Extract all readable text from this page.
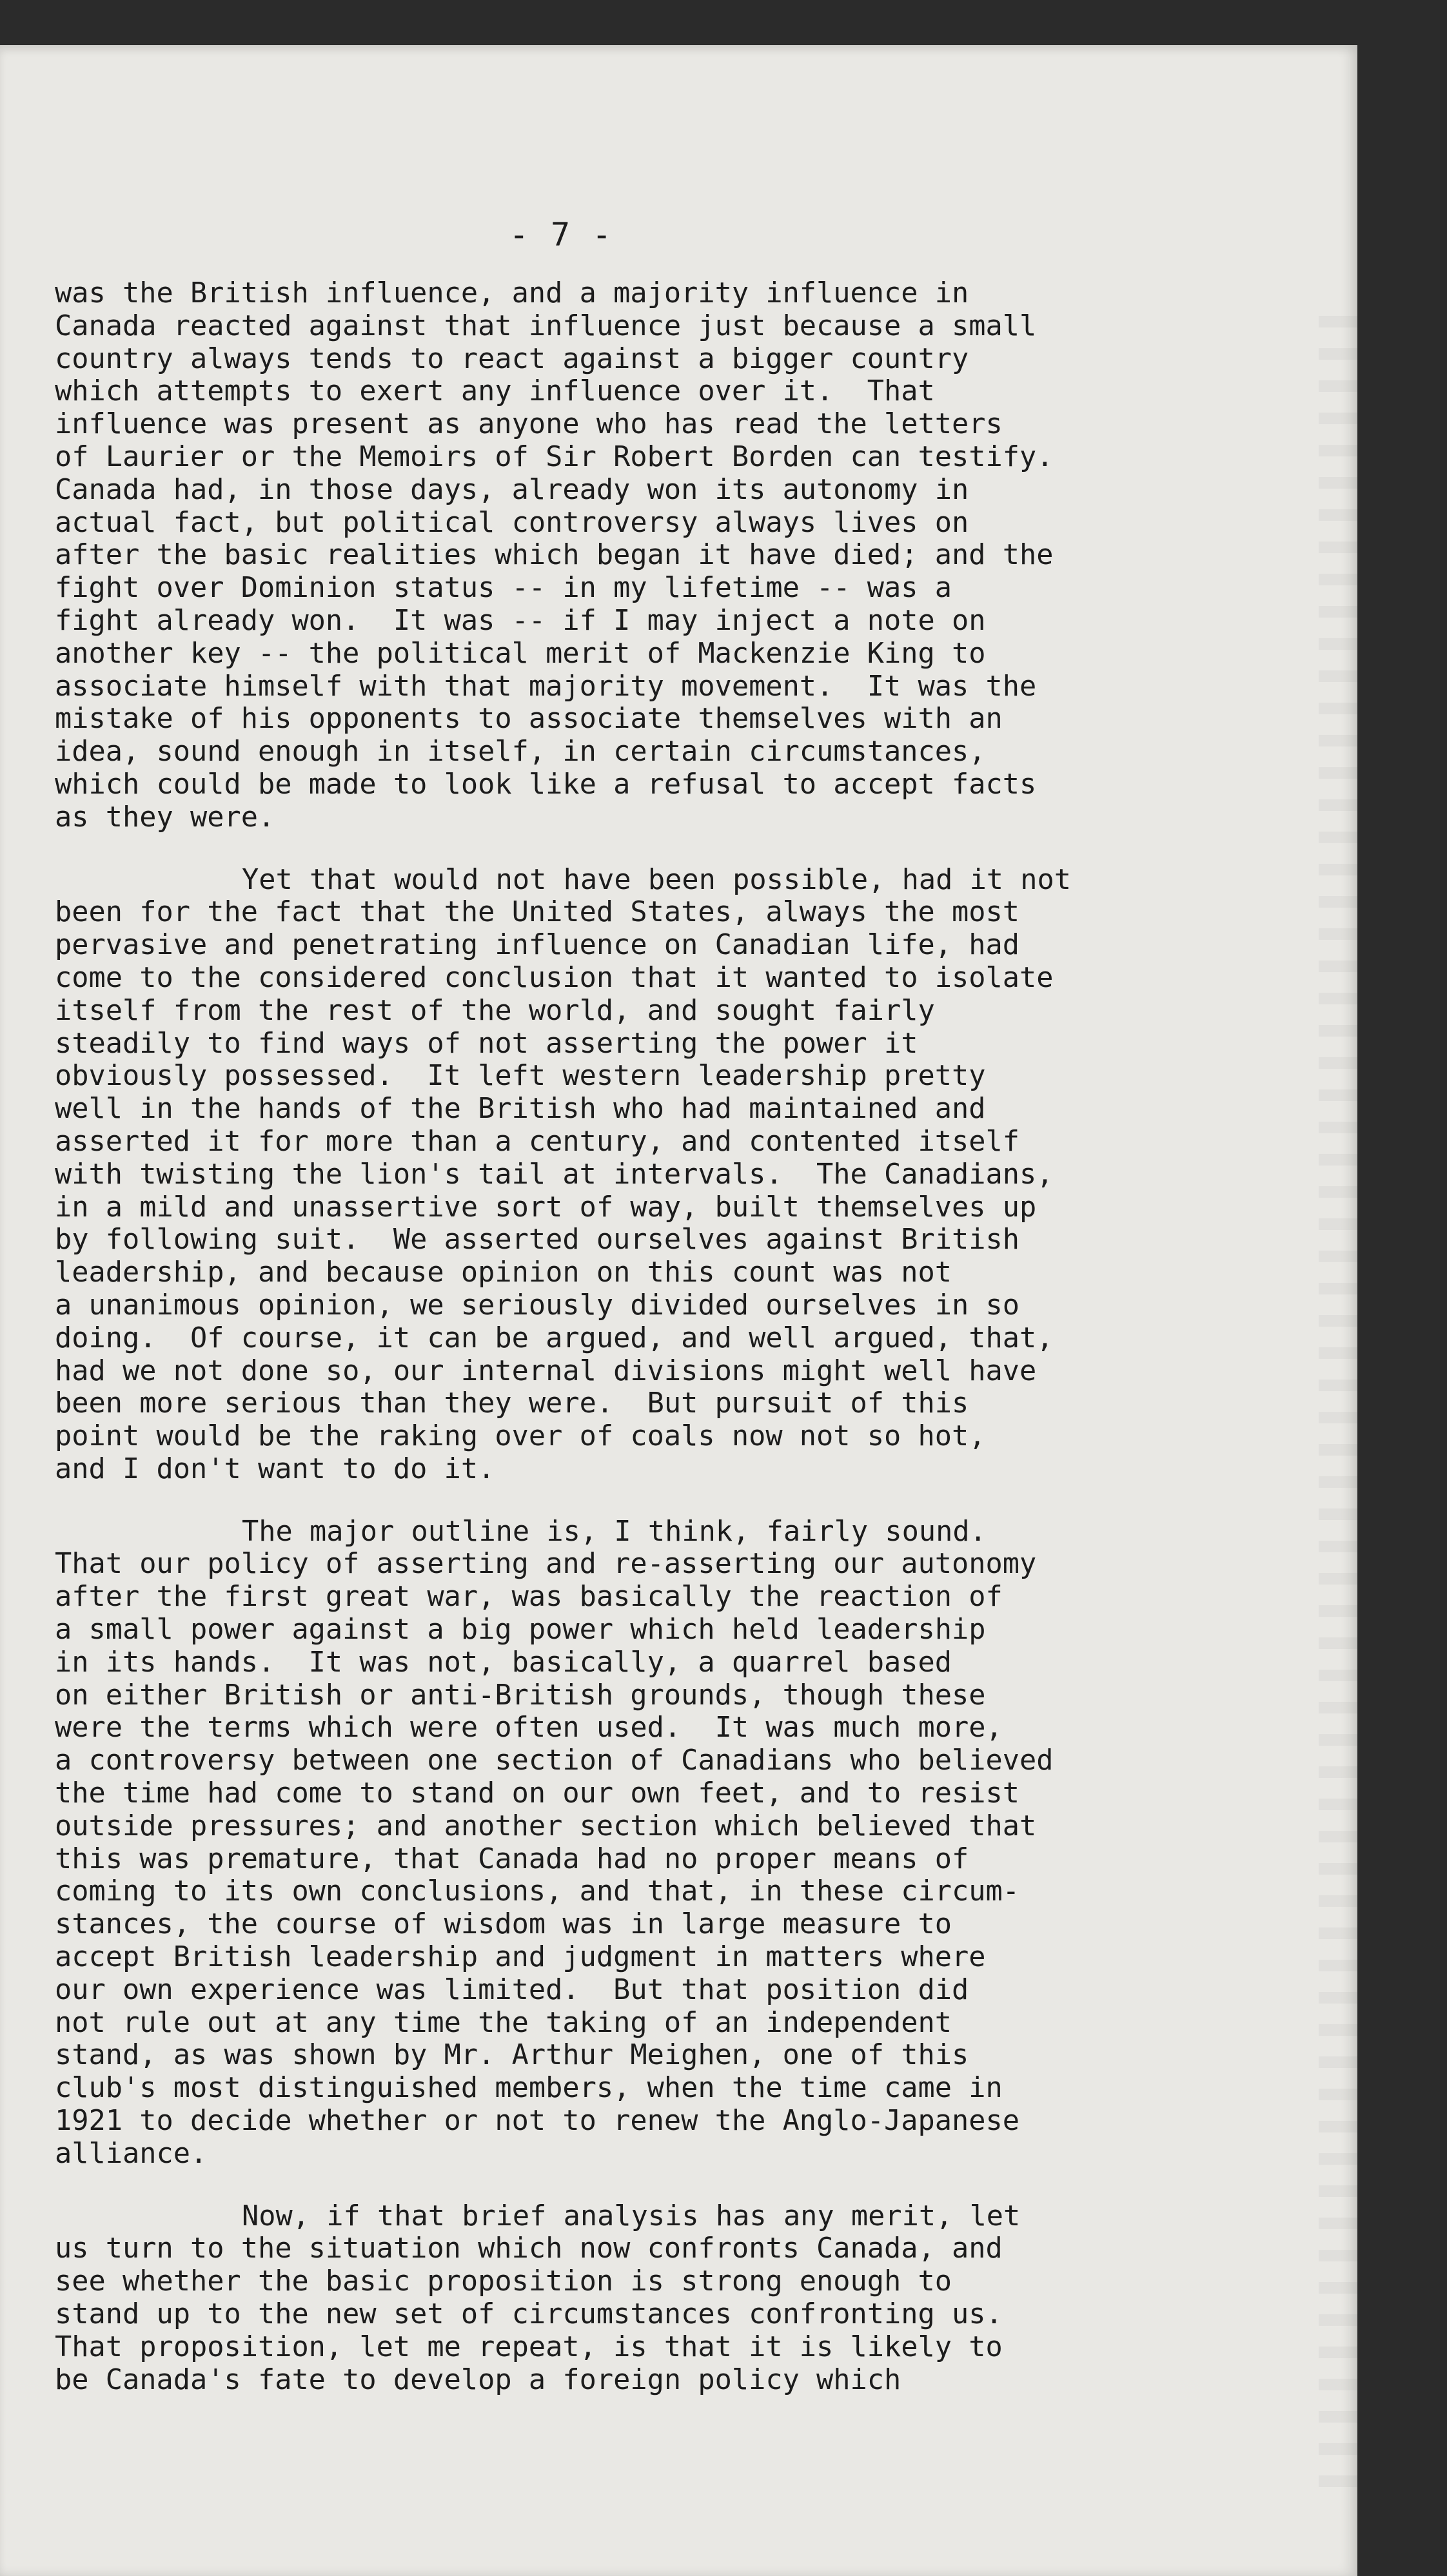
- 7 -
was the British influence, and a majority influence in
Canada reacted against that influence just because a small
country always tends to react against a bigger country
which attempts to exert any influence over it.  That
influence was present as anyone who has read the letters
of Laurier or the Memoirs of Sir Robert Borden can testify.
Canada had, in those days, already won its autonomy in
actual fact, but political controversy always lives on
after the basic realities which began it have died; and the
fight over Dominion status -- in my lifetime -- was a
fight already won.  It was -- if I may inject a note on
another key -- the political merit of Mackenzie King to
associate himself with that majority movement.  It was the
mistake of his opponents to associate themselves with an
idea, sound enough in itself, in certain circumstances,
which could be made to look like a refusal to accept facts
as they were.
Yet that would not have been possible, had it not
been for the fact that the United States, always the most
pervasive and penetrating influence on Canadian life, had
come to the considered conclusion that it wanted to isolate
itself from the rest of the world, and sought fairly
steadily to find ways of not asserting the power it
obviously possessed.  It left western leadership pretty
well in the hands of the British who had maintained and
asserted it for more than a century, and contented itself
with twisting the lion's tail at intervals.  The Canadians,
in a mild and unassertive sort of way, built themselves up
by following suit.  We asserted ourselves against British
leadership, and because opinion on this count was not
a unanimous opinion, we seriously divided ourselves in so
doing.  Of course, it can be argued, and well argued, that,
had we not done so, our internal divisions might well have
been more serious than they were.  But pursuit of this
point would be the raking over of coals now not so hot,
and I don't want to do it.
The major outline is, I think, fairly sound.
That our policy of asserting and re-asserting our autonomy
after the first great war, was basically the reaction of
a small power against a big power which held leadership
in its hands.  It was not, basically, a quarrel based
on either British or anti-British grounds, though these
were the terms which were often used.  It was much more,
a controversy between one section of Canadians who believed
the time had come to stand on our own feet, and to resist
outside pressures; and another section which believed that
this was premature, that Canada had no proper means of
coming to its own conclusions, and that, in these circum-
stances, the course of wisdom was in large measure to
accept British leadership and judgment in matters where
our own experience was limited.  But that position did
not rule out at any time the taking of an independent
stand, as was shown by Mr. Arthur Meighen, one of this
club's most distinguished members, when the time came in
1921 to decide whether or not to renew the Anglo-Japanese
alliance.
Now, if that brief analysis has any merit, let
us turn to the situation which now confronts Canada, and
see whether the basic proposition is strong enough to
stand up to the new set of circumstances confronting us.
That proposition, let me repeat, is that it is likely to
be Canada's fate to develop a foreign policy which
